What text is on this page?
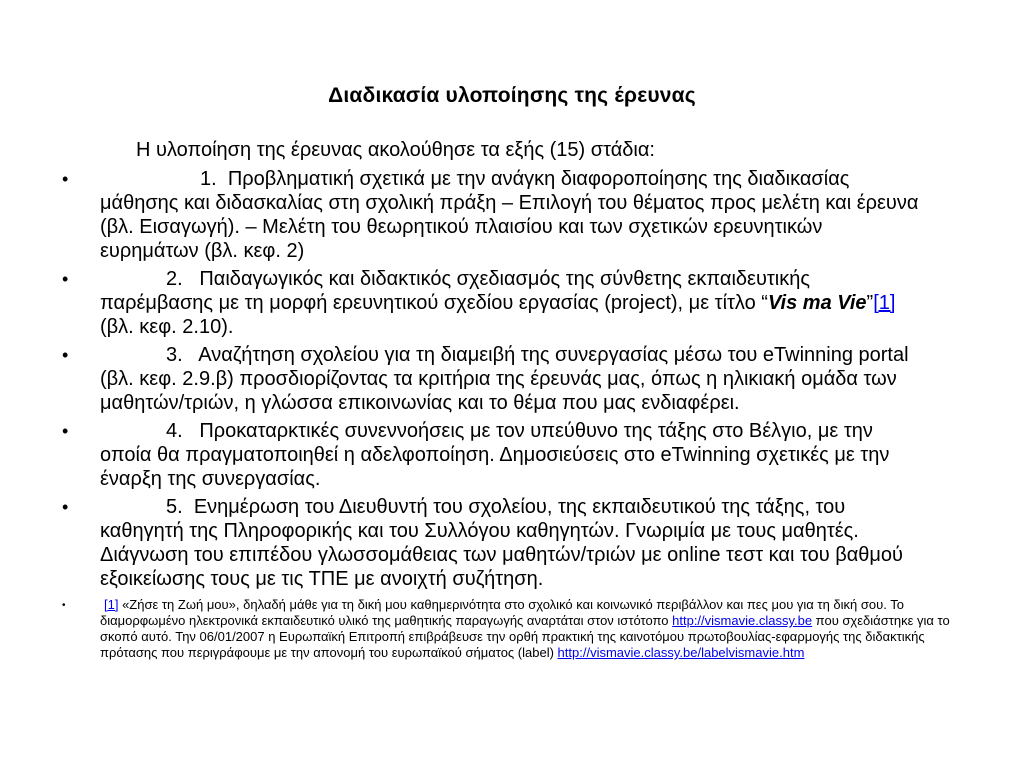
Διαδικασία υλοποίησης της έρευνας
Η υλοποίηση της έρευνας ακολούθησε τα εξής (15) στάδια:
•	1. Προβληματική σχετικά με την ανάγκη διαφοροποίησης της διαδικασίας μάθησης και διδασκαλίας στη σχολική πράξη – Επιλογή του θέματος προς μελέτη και έρευνα (βλ. Εισαγωγή). – Μελέτη του θεωρητικού πλαισίου και των σχετικών ερευνητικών ευρημάτων (βλ. κεφ. 2)
•	2. Παιδαγωγικός και διδακτικός σχεδιασμός της σύνθετης εκπαιδευτικής παρέμβασης με τη μορφή ερευνητικού σχεδίου εργασίας (project), με τίτλο “Vis ma Vie”[1] (βλ. κεφ. 2.10).
•	3. Αναζήτηση σχολείου για τη διαμειβή της συνεργασίας μέσω του eTwinning portal (βλ. κεφ. 2.9.β) προσδιορίζοντας τα κριτήρια της έρευνάς μας, όπως η ηλικιακή ομάδα των μαθητών/τριών, η γλώσσα επικοινωνίας και το θέμα που μας ενδιαφέρει.
•	4. Προκαταρκτικές συνεννοήσεις με τον υπεύθυνο της τάξης στο Βέλγιο, με την οποία θα πραγματοποιηθεί η αδελφοποίηση. Δημοσιεύσεις στο eTwinning σχετικές με την έναρξη της συνεργασίας.
•	5. Ενημέρωση του Διευθυντή του σχολείου, της εκπαιδευτικού της τάξης, του καθηγητή της Πληροφορικής και του Συλλόγου καθηγητών. Γνωριμία με τους μαθητές. Διάγνωση του επιπέδου γλωσσομάθειας των μαθητών/τριών με online τεστ και του βαθμού εξοικείωσης τους με τις ΤΠΕ με ανοιχτή συζήτηση.
•	[1] «Ζήσε τη Ζωή μου», δηλαδή μάθε για τη δική μου καθημερινότητα στο σχολικό και κοινωνικό περιβάλλον και πες μου για τη δική σου. Το διαμορφωμένο ηλεκτρονικά εκπαιδευτικό υλικό της μαθητικής παραγωγής αναρτάται στον ιστότοπο http://vismavie.classy.be που σχεδιάστηκε για το σκοπό αυτό. Την 06/01/2007 η Ευρωπαϊκή Επιτροπή επιβράβευσε την ορθή πρακτική της καινοτόμου πρωτοβουλίας-εφαρμογής της διδακτικής πρότασης που περιγράφουμε με την απονομή του ευρωπαϊκού σήματος (label) http://vismavie.classy.be/labelvismavie.htm
